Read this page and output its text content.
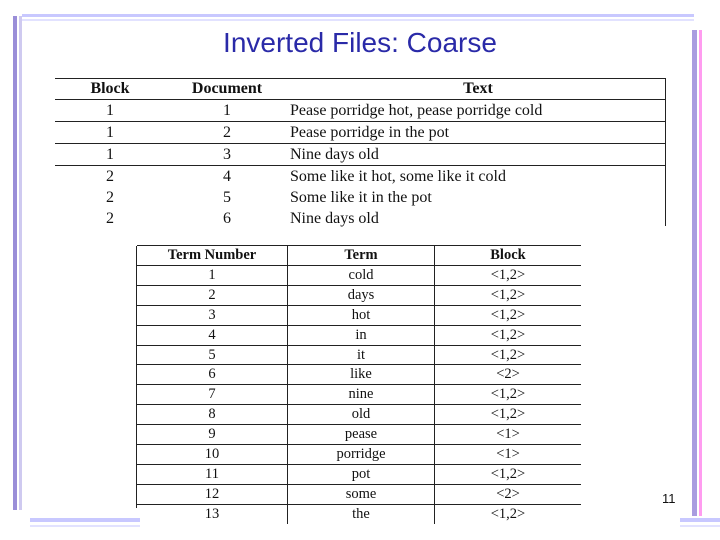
Inverted Files: Coarse
Block	Document	Text
1	1	Pease porridge hot, pease porridge cold
1	2	Pease porridge in the pot
1	3	Nine days old
2	4	Some like it hot, some like it cold
2	5	Some like it in the pot
2	6	Nine days old
Term Number	Term	Block
1	cold	<1,2>
2	days	<1,2>
3	hot	<1,2>
4	in	<1,2>
5	it	<1,2>
6	like	<2>
7	nine	<1,2>
8	old	<1,2>
9	pease	<1>
10	porridge	<1>
11	pot	<1,2>
12	some	<2>
13	the	<1,2>
11
